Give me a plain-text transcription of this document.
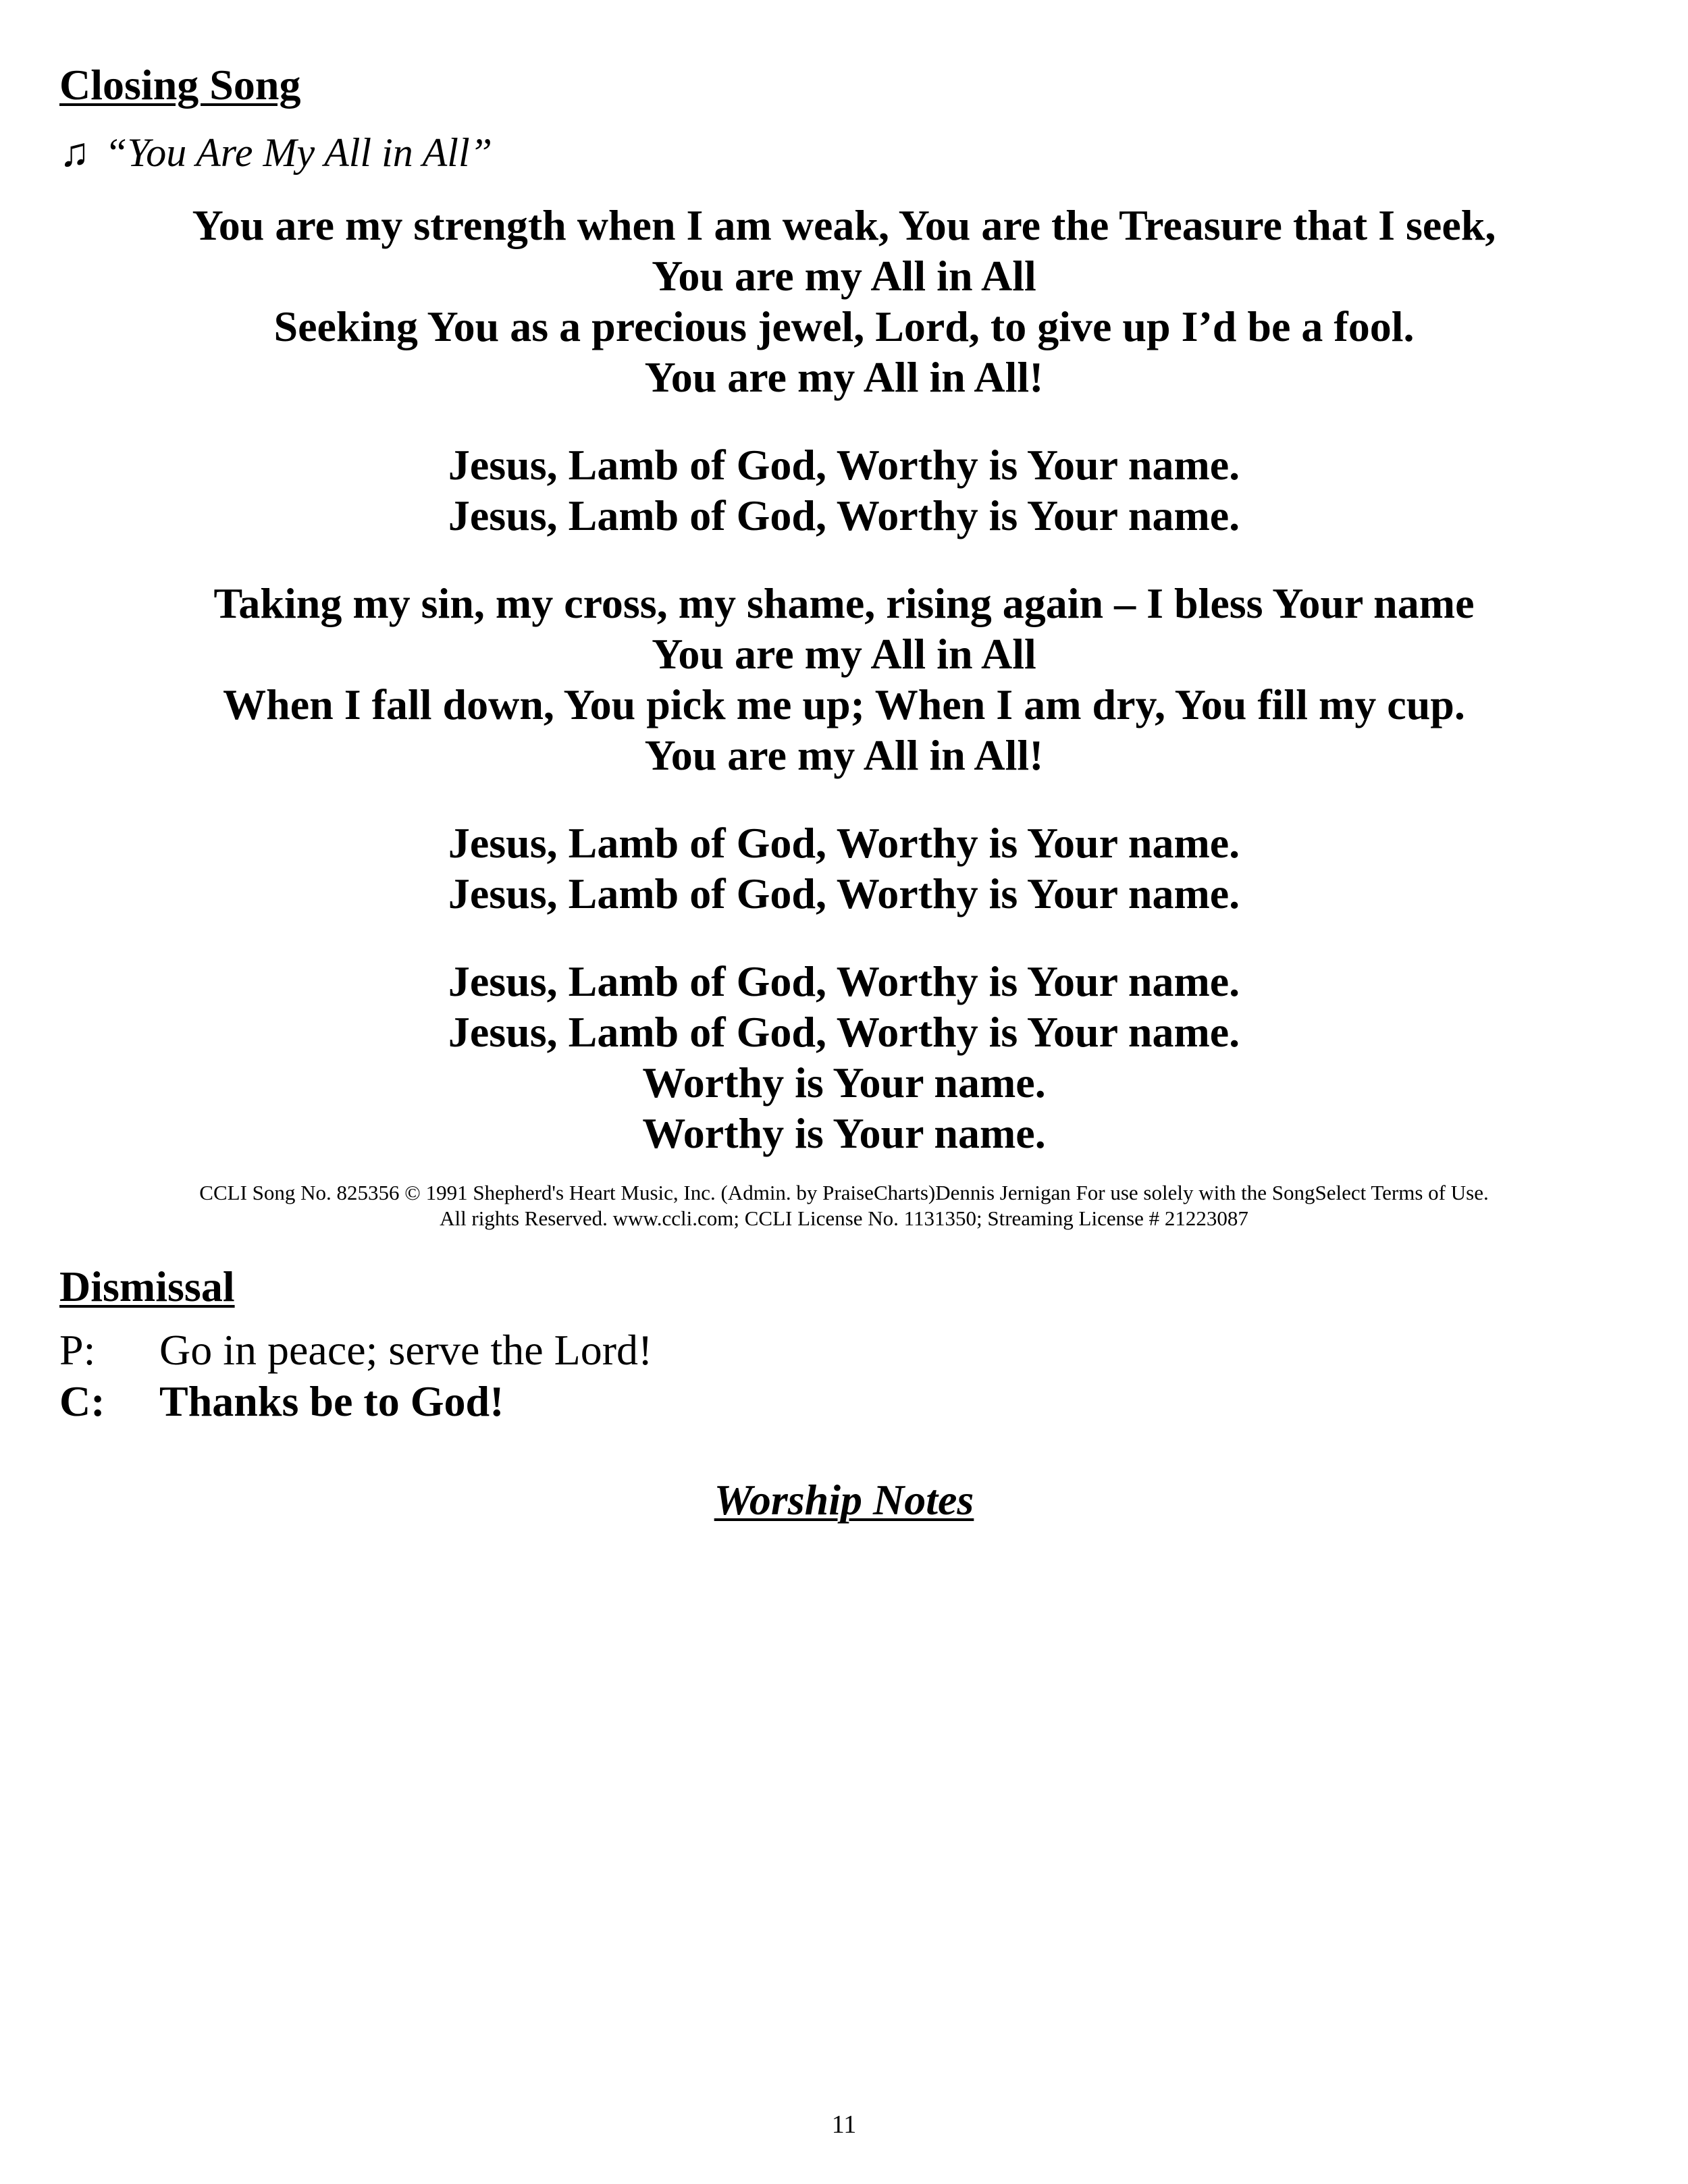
Closing Song

♫ “You Are My All in All”

You are my strength when I am weak, You are the Treasure that I seek,
You are my All in All
Seeking You as a precious jewel, Lord, to give up I’d be a fool.
You are my All in All!
Jesus, Lamb of God, Worthy is Your name.
Jesus, Lamb of God, Worthy is Your name.
Taking my sin, my cross, my shame, rising again – I bless Your name
You are my All in All
When I fall down, You pick me up; When I am dry, You fill my cup.
You are my All in All!
Jesus, Lamb of God, Worthy is Your name.
Jesus, Lamb of God, Worthy is Your name.
Jesus, Lamb of God, Worthy is Your name.
Jesus, Lamb of God, Worthy is Your name.
Worthy is Your name.
Worthy is Your name.
CCLI Song No. 825356 © 1991 Shepherd's Heart Music, Inc. (Admin. by PraiseCharts)Dennis Jernigan For use solely with the SongSelect Terms of Use.
All rights Reserved. www.ccli.com; CCLI License No. 1131350; Streaming License # 21223087
Dismissal
P:	Go in peace; serve the Lord!
C:	Thanks be to God!
Worship Notes
11
